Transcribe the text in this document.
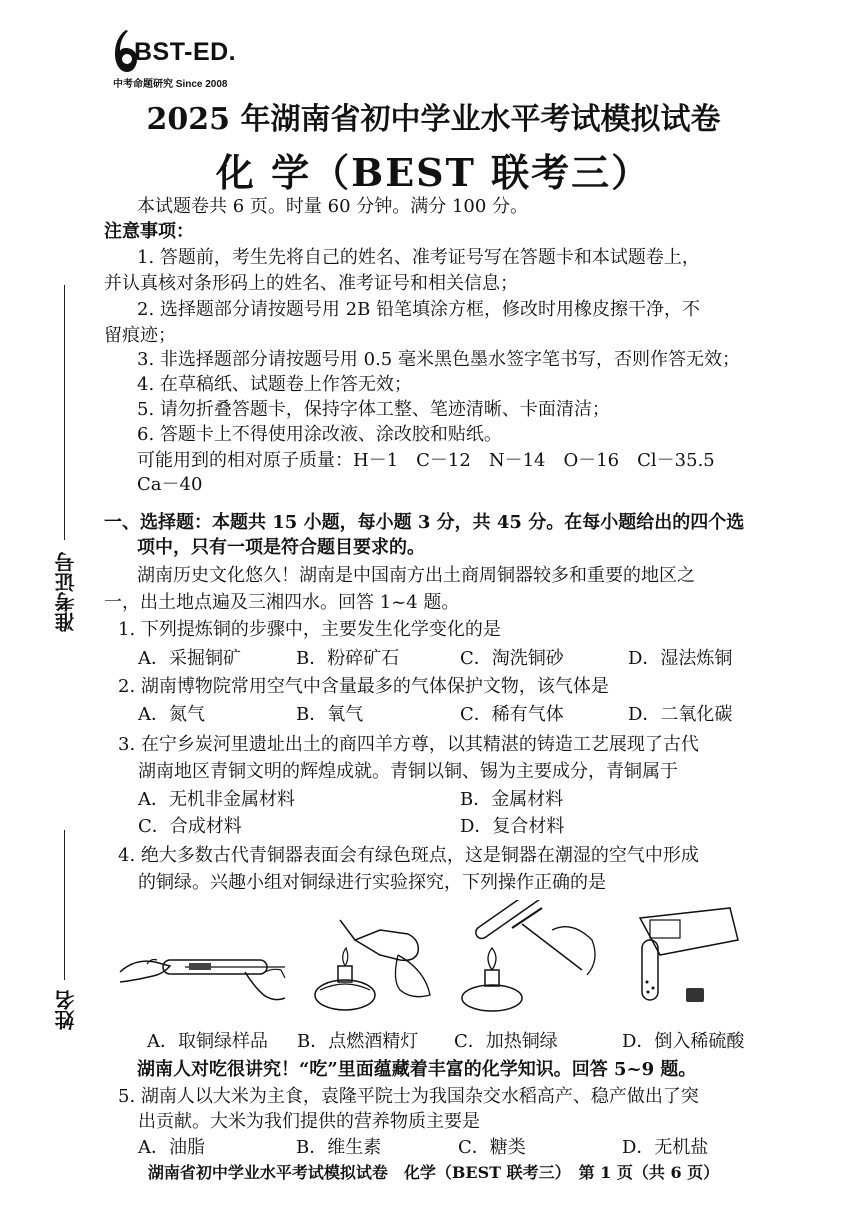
BST-ED.
中考命题研究 Since 2008
2025 年湖南省初中学业水平考试模拟试卷
化 学（BEST 联考三）
本试题卷共 6 页。时量 60 分钟。满分 100 分。
注意事项：
1. 答题前，考生先将自己的姓名、准考证号写在答题卡和本试题卷上，
并认真核对条形码上的姓名、准考证号和相关信息；
2. 选择题部分请按题号用 2B 铅笔填涂方框，修改时用橡皮擦干净，不
留痕迹；
3. 非选择题部分请按题号用 0.5 毫米黑色墨水签字笔书写，否则作答无效；
4. 在草稿纸、试题卷上作答无效；
5. 请勿折叠答题卡，保持字体工整、笔迹清晰、卡面清洁；
6. 答题卡上不得使用涂改液、涂改胶和贴纸。
可能用到的相对原子质量：H－1　C－12　N－14　O－16　Cl－35.5
Ca－40
一、选择题：本题共 15 小题，每小题 3 分，共 45 分。在每小题给出的四个选
项中，只有一项是符合题目要求的。
湖南历史文化悠久！湖南是中国南方出土商周铜器较多和重要的地区之
一，出土地点遍及三湘四水。回答 1~4 题。
1. 下列提炼铜的步骤中，主要发生化学变化的是
A．采掘铜矿	B．粉碎矿石	C．淘洗铜砂	D．湿法炼铜
2. 湖南博物院常用空气中含量最多的气体保护文物，该气体是
A．氮气	B．氧气	C．稀有气体	D．二氧化碳
3. 在宁乡炭河里遗址出土的商四羊方尊，以其精湛的铸造工艺展现了古代
湖南地区青铜文明的辉煌成就。青铜以铜、锡为主要成分，青铜属于
A．无机非金属材料	B．金属材料
C．合成材料	D．复合材料
4. 绝大多数古代青铜器表面会有绿色斑点，这是铜器在潮湿的空气中形成
的铜绿。兴趣小组对铜绿进行实验探究，下列操作正确的是
A．取铜绿样品 B．点燃酒精灯 C．加热铜绿	D．倒入稀硫酸
湖南人对吃很讲究！“吃”里面蕴藏着丰富的化学知识。回答 5~9 题。
5. 湖南人以大米为主食，袁隆平院士为我国杂交水稻高产、稳产做出了突
出贡献。大米为我们提供的营养物质主要是
A．油脂	B．维生素	C．糖类	D．无机盐
准考证号
姓名
湖南省初中学业水平考试模拟试卷　化学（BEST 联考三）　第 1 页（共 6 页）
